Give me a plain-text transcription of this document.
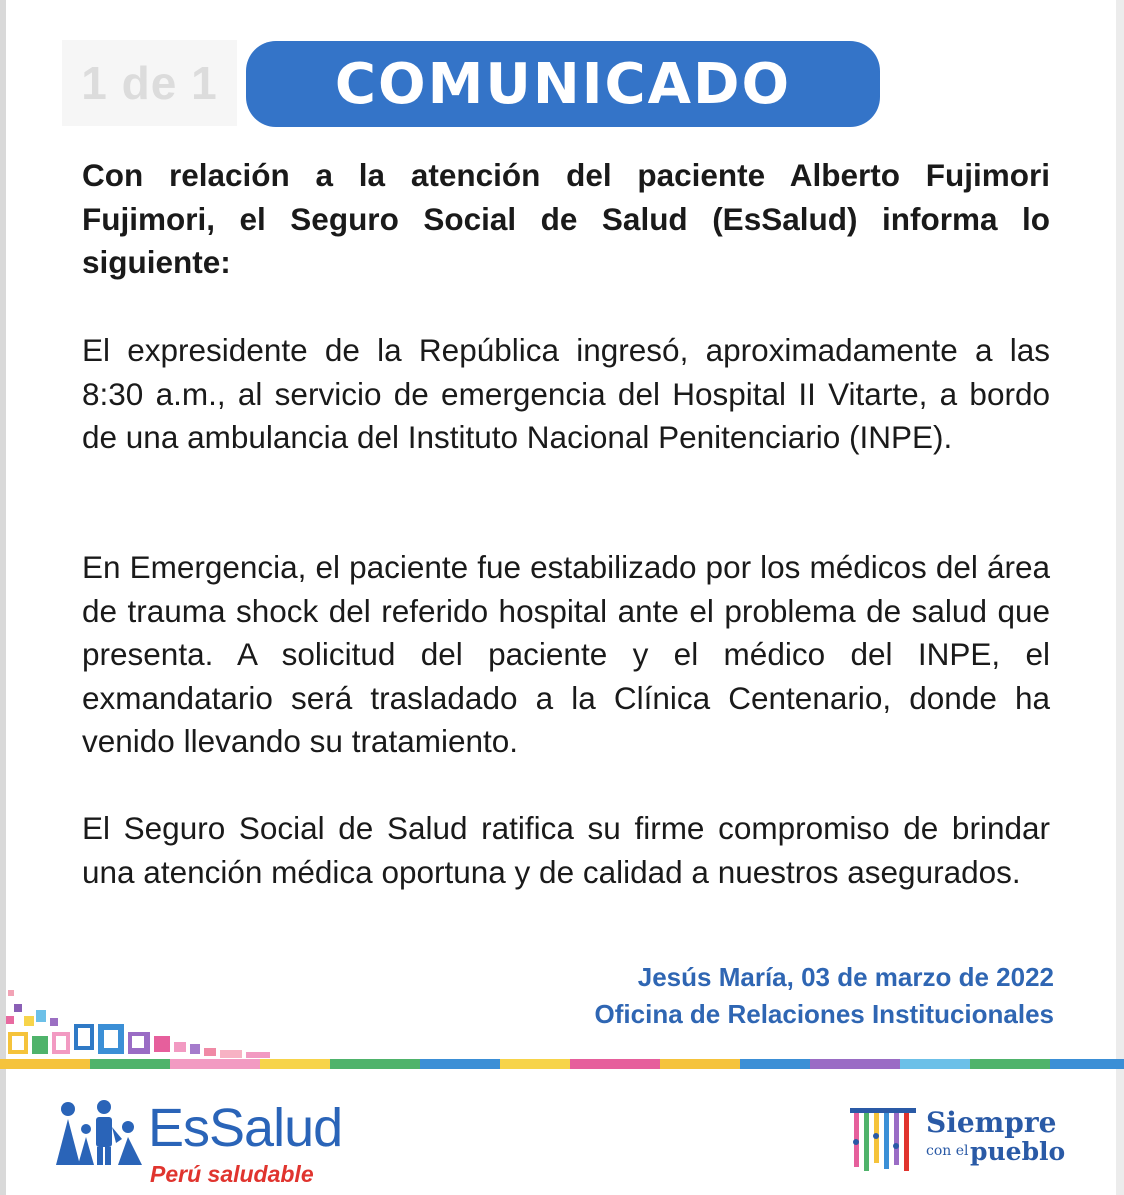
1 de 1	COMUNICADO

Con relación a la atención del paciente Alberto Fujimori Fujimori, el Seguro Social de Salud (EsSalud) informa lo siguiente:

El expresidente de la República ingresó, aproximadamente a las 8:30 a.m., al servicio de emergencia del Hospital II Vitarte, a bordo de una ambulancia del Instituto Nacional Penitenciario (INPE).

En Emergencia, el paciente fue estabilizado por los médicos del área de trauma shock del referido hospital ante el problema de salud que presenta. A solicitud del paciente y el médico del INPE, el exmandatario será trasladado a la Clínica Centenario, donde ha venido llevando su tratamiento.

El Seguro Social de Salud ratifica su firme compromiso de brindar una atención médica oportuna y de calidad a nuestros asegurados.

Jesús María, 03 de marzo de 2022
Oficina de Relaciones Institucionales
EsSalud
Perú saludable
Siempre
con el pueblo
